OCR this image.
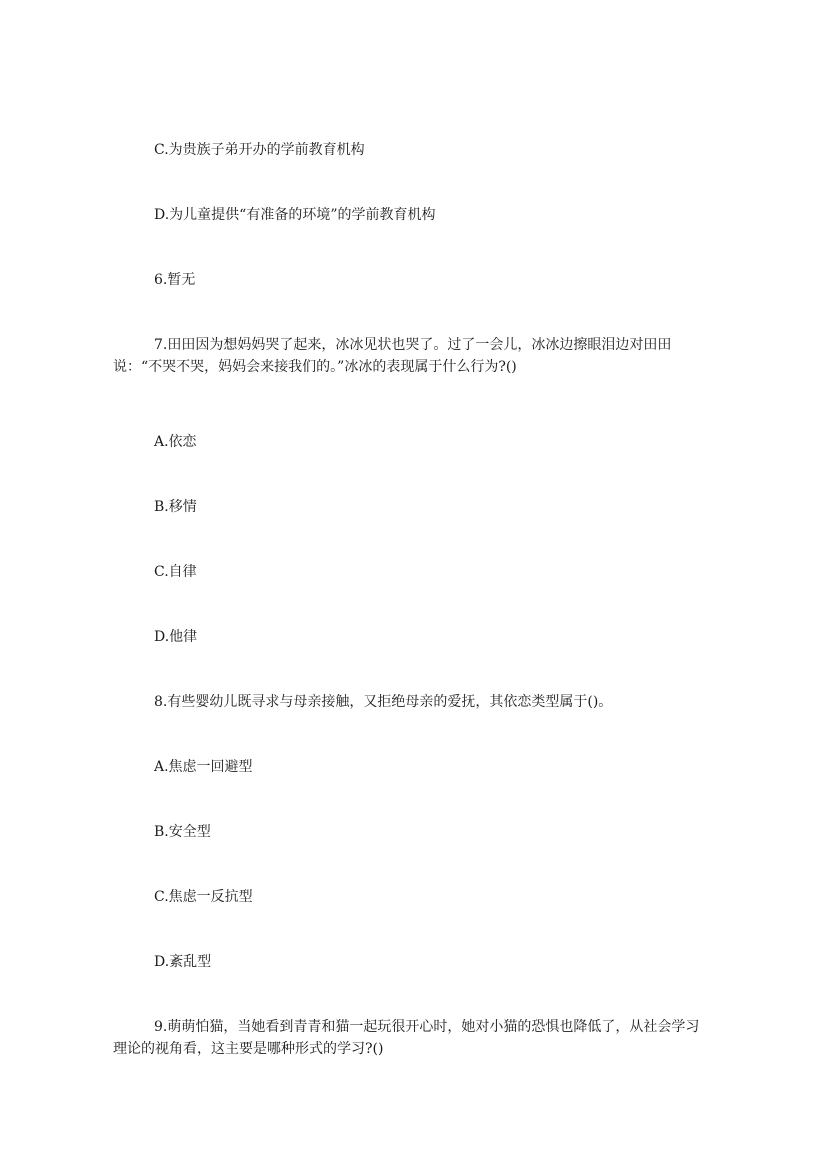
C.为贵族子弟开办的学前教育机构

D.为儿童提供“有准备的环境”的学前教育机构

6.暂无

7.田田因为想妈妈哭了起来，冰冰见状也哭了。过了一会儿，冰冰边擦眼泪边对田田说：“不哭不哭，妈妈会来接我们的。”冰冰的表现属于什么行为?()

A.依恋

B.移情

C.自律

D.他律

8.有些婴幼儿既寻求与母亲接触，又拒绝母亲的爱抚，其依恋类型属于()。

A.焦虑一回避型

B.安全型

C.焦虑一反抗型

D.紊乱型

9.萌萌怕猫，当她看到青青和猫一起玩很开心时，她对小猫的恐惧也降低了，从社会学习理论的视角看，这主要是哪种形式的学习?()
